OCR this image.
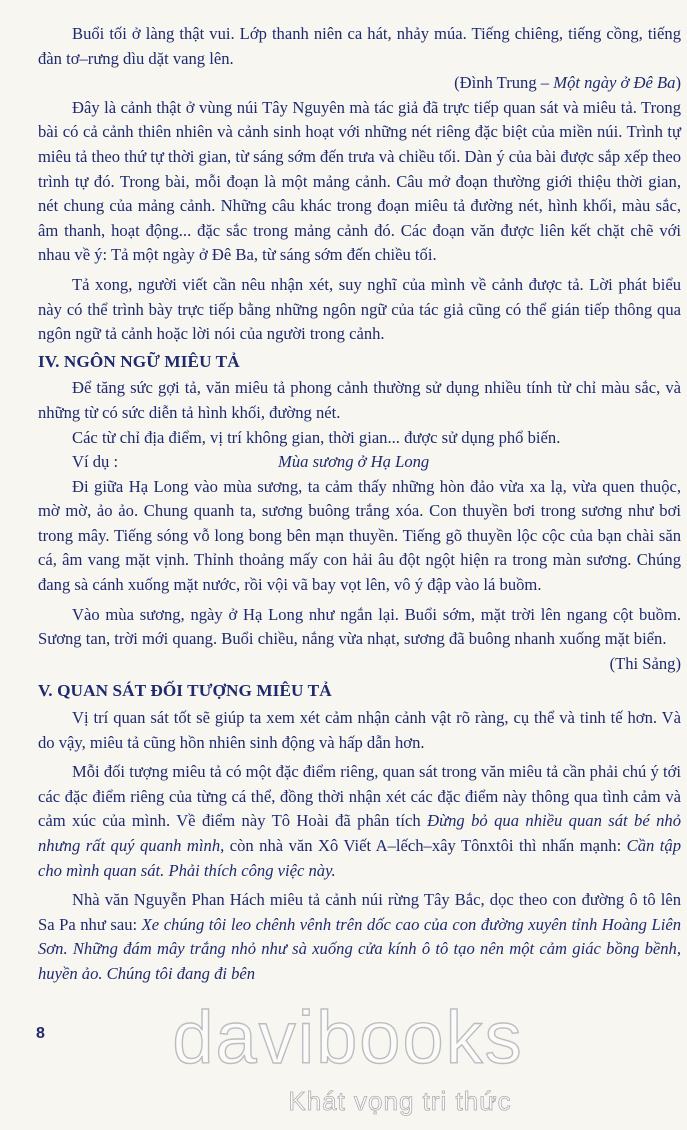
Buổi tối ở làng thật vui. Lớp thanh niên ca hát, nhảy múa. Tiếng chiêng, tiếng cồng, tiếng đàn tơ–rưng dìu dặt vang lên.

(Đình Trung – Một ngày ở Đê Ba)

Đây là cảnh thật ở vùng núi Tây Nguyên mà tác giả đã trực tiếp quan sát và miêu tả. Trong bài có cả cảnh thiên nhiên và cảnh sinh hoạt với những nét riêng đặc biệt của miền núi. Trình tự miêu tả theo thứ tự thời gian, từ sáng sớm đến trưa và chiều tối. Dàn ý của bài được sắp xếp theo trình tự đó. Trong bài, mỗi đoạn là một mảng cảnh. Câu mở đoạn thường giới thiệu thời gian, nét chung của mảng cảnh. Những câu khác trong đoạn miêu tả đường nét, hình khối, màu sắc, âm thanh, hoạt động... đặc sắc trong mảng cảnh đó. Các đoạn văn được liên kết chặt chẽ với nhau về ý: Tả một ngày ở Đê Ba, từ sáng sớm đến chiều tối.

Tả xong, người viết cần nêu nhận xét, suy nghĩ của mình về cảnh được tả. Lời phát biểu này có thể trình bày trực tiếp bằng những ngôn ngữ của tác giả cũng có thể gián tiếp thông qua ngôn ngữ tả cảnh hoặc lời nói của người trong cảnh.

IV. NGÔN NGỮ MIÊU TẢ

Để tăng sức gợi tả, văn miêu tả phong cảnh thường sử dụng nhiều tính từ chỉ màu sắc, và những từ có sức diễn tả hình khối, đường nét.

Các từ chỉ địa điểm, vị trí không gian, thời gian... được sử dụng phổ biến.

Ví dụ :	Mùa sương ở Hạ Long

Đi giữa Hạ Long vào mùa sương, ta cảm thấy những hòn đảo vừa xa lạ, vừa quen thuộc, mờ mờ, ảo ảo. Chung quanh ta, sương buông trắng xóa. Con thuyền bơi trong sương như bơi trong mây. Tiếng sóng vỗ long bong bên mạn thuyền. Tiếng gõ thuyền lộc cộc của bạn chài săn cá, âm vang mặt vịnh. Thỉnh thoảng mấy con hải âu đột ngột hiện ra trong màn sương. Chúng đang sà cánh xuống mặt nước, rồi vội vã bay vọt lên, vô ý đập vào lá buồm.

Vào mùa sương, ngày ở Hạ Long như ngắn lại. Buổi sớm, mặt trời lên ngang cột buồm. Sương tan, trời mới quang. Buổi chiều, nắng vừa nhạt, sương đã buông nhanh xuống mặt biển.

(Thi Sảng)

V. QUAN SÁT ĐỐI TƯỢNG MIÊU TẢ

Vị trí quan sát tốt sẽ giúp ta xem xét cảm nhận cảnh vật rõ ràng, cụ thể và tinh tế hơn. Và do vậy, miêu tả cũng hồn nhiên sinh động và hấp dẫn hơn.

Mỗi đối tượng miêu tả có một đặc điểm riêng, quan sát trong văn miêu tả cần phải chú ý tới các đặc điểm riêng của từng cá thể, đồng thời nhận xét các đặc điểm này thông qua tình cảm và cảm xúc của mình. Về điểm này Tô Hoài đã phân tích Đừng bỏ qua nhiều quan sát bé nhỏ nhưng rất quý quanh mình, còn nhà văn Xô Viết A–lếch–xây Tônxtôi thì nhấn mạnh: Cần tập cho mình quan sát. Phải thích công việc này.

Nhà văn Nguyễn Phan Hách miêu tả cảnh núi rừng Tây Bắc, dọc theo con đường ô tô lên Sa Pa như sau: Xe chúng tôi leo chênh vênh trên dốc cao của con đường xuyên tỉnh Hoàng Liên Sơn. Những đám mây trắng nhỏ như sà xuống cửa kính ô tô tạo nên một cảm giác bồng bềnh, huyền ảo. Chúng tôi đang đi bên

8	davibooks
Khát vọng tri thức
